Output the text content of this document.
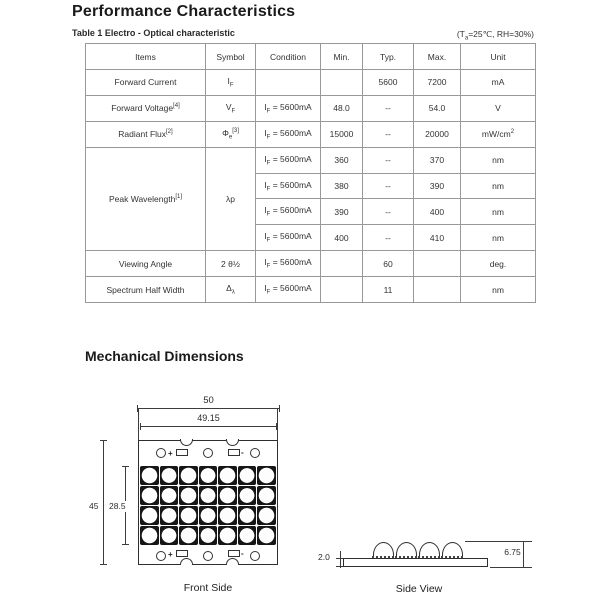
Performance Characteristics
Table 1 Electro - Optical characteristic	($T_a=25℃$, RH=30%)
Items	Symbol	Condition	Min.	Typ.	Max.	Unit
Forward Current	$I_F$			5600	7200	mA
Forward Voltage[4]	$V_F$	$I_F = 5600mA$	48.0	--	54.0	V
Radiant Flux[2]	$\Phi_e[3]$	$I_F = 5600mA$	15000	--	20000	$mW/cm^2$
Peak Wavelength[1]	λp	$I_F = 5600mA$	360	--	370	nm
		$I_F = 5600mA$	380	--	390	nm
		$I_F = 5600mA$	390	--	400	nm
		$I_F = 5600mA$	400	--	410	nm
Viewing Angle	2 θ½	$I_F = 5600mA$		60		deg.
Spectrum Half Width	$\Delta_\lambda$	$I_F = 5600mA$		11		nm
Mechanical Dimensions
50
49.15
45 28.5
+	-
+	-
Front Side
6.75
2.0
Side View
